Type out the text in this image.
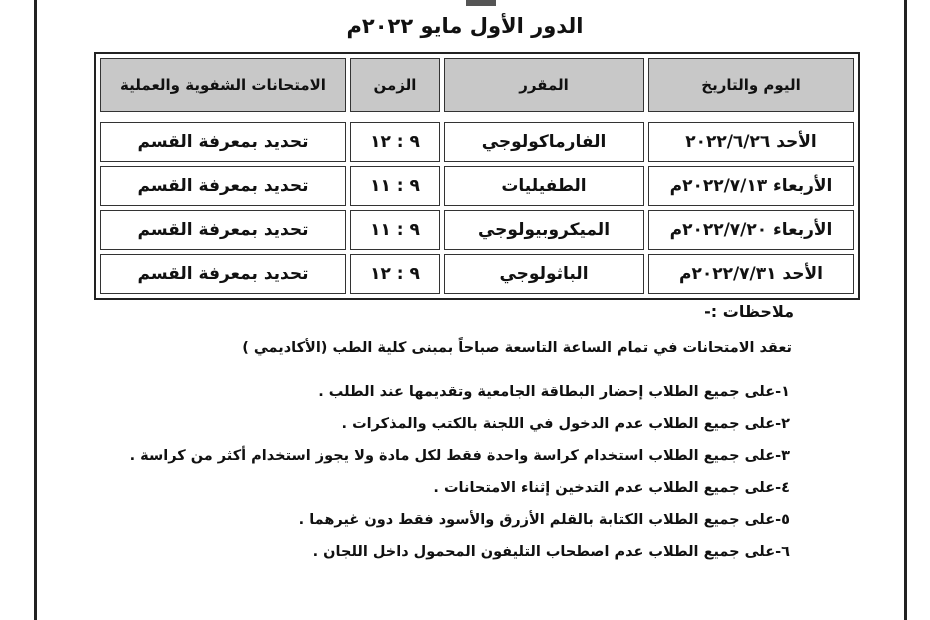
الدور الأول مايو ٢٠٢٢م
اليوم والتاريخ	المقرر	الزمن	الامتحانات الشفوية والعملية

الأحد ٢٠٢٢/٦/٢٦	الفارماكولوجي	٩ : ١٢	تحديد بمعرفة القسم
الأربعاء ٢٠٢٢/٧/١٣م	الطفيليات	٩ : ١١	تحديد بمعرفة القسم
الأربعاء ٢٠٢٢/٧/٢٠م	الميكروبيولوجي	٩ : ١١	تحديد بمعرفة القسم
الأحد ٢٠٢٢/٧/٣١م	الباثولوجي	٩ : ١٢	تحديد بمعرفة القسم
ملاحظات :-
تعقد الامتحانات في تمام الساعة التاسعة صباحاً بمبنى كلية الطب (الأكاديمي )
١-على جميع الطلاب إحضار البطاقة الجامعية وتقديمها عند الطلب .
٢-على جميع الطلاب عدم الدخول في اللجنة بالكتب والمذكرات .
٣-على جميع الطلاب استخدام كراسة واحدة فقط لكل مادة ولا يجوز استخدام أكثر من كراسة .
٤-على جميع الطلاب عدم التدخين إثناء الامتحانات .
٥-على جميع الطلاب الكتابة بالقلم الأزرق والأسود فقط دون غيرهما .
٦-على جميع الطلاب عدم اصطحاب التليفون المحمول داخل اللجان .
